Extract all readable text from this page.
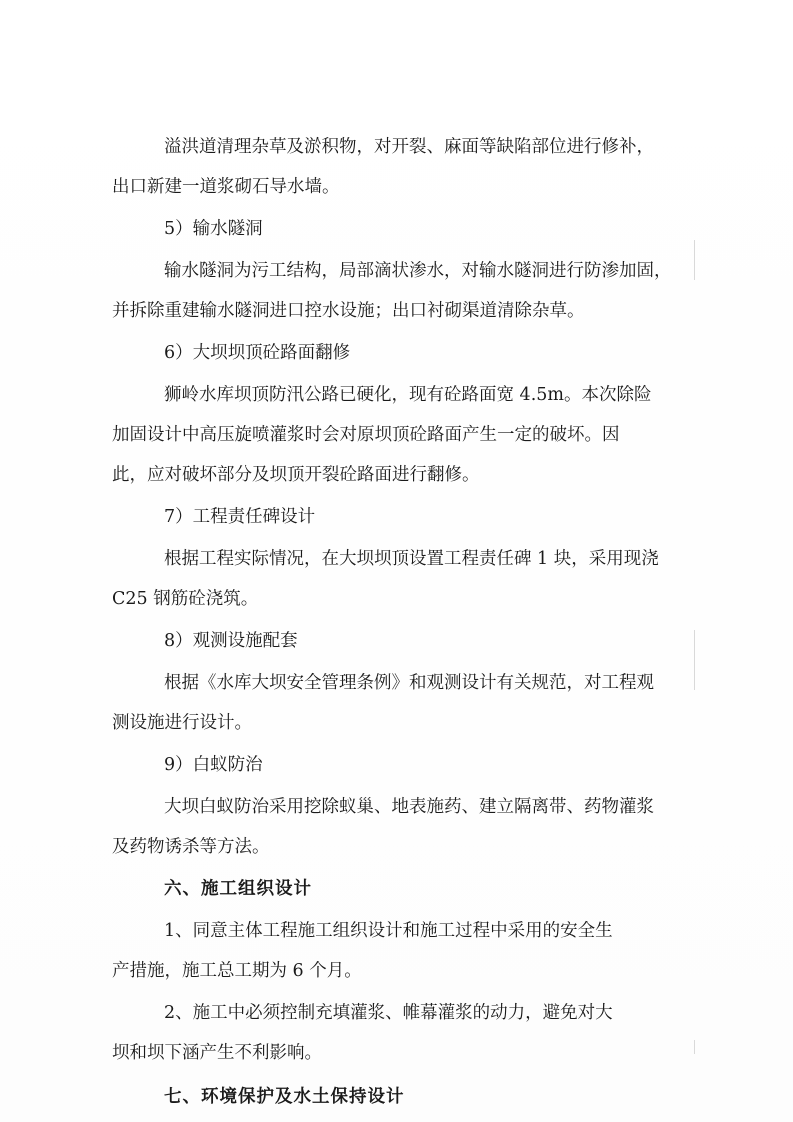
溢洪道清理杂草及淤积物，对开裂、麻面等缺陷部位进行修补，
出口新建一道浆砌石导水墙。
5）输水隧洞
输水隧洞为污工结构，局部滴状渗水，对输水隧洞进行防渗加固，
并拆除重建输水隧洞进口控水设施；出口衬砌渠道清除杂草。
6）大坝坝顶砼路面翻修
狮岭水库坝顶防汛公路已硬化，现有砼路面宽 4.5m。本次除险
加固设计中高压旋喷灌浆时会对原坝顶砼路面产生一定的破坏。因
此，应对破坏部分及坝顶开裂砼路面进行翻修。
7）工程责任碑设计
根据工程实际情况，在大坝坝顶设置工程责任碑 1 块，采用现浇
C25 钢筋砼浇筑。
8）观测设施配套
根据《水库大坝安全管理条例》和观测设计有关规范，对工程观
测设施进行设计。
9）白蚁防治
大坝白蚁防治采用挖除蚁巢、地表施药、建立隔离带、药物灌浆
及药物诱杀等方法。
六、施工组织设计
1、同意主体工程施工组织设计和施工过程中采用的安全生
产措施，施工总工期为 6 个月。
2、施工中必须控制充填灌浆、帷幕灌浆的动力，避免对大
坝和坝下涵产生不利影响。
七、环境保护及水土保持设计
